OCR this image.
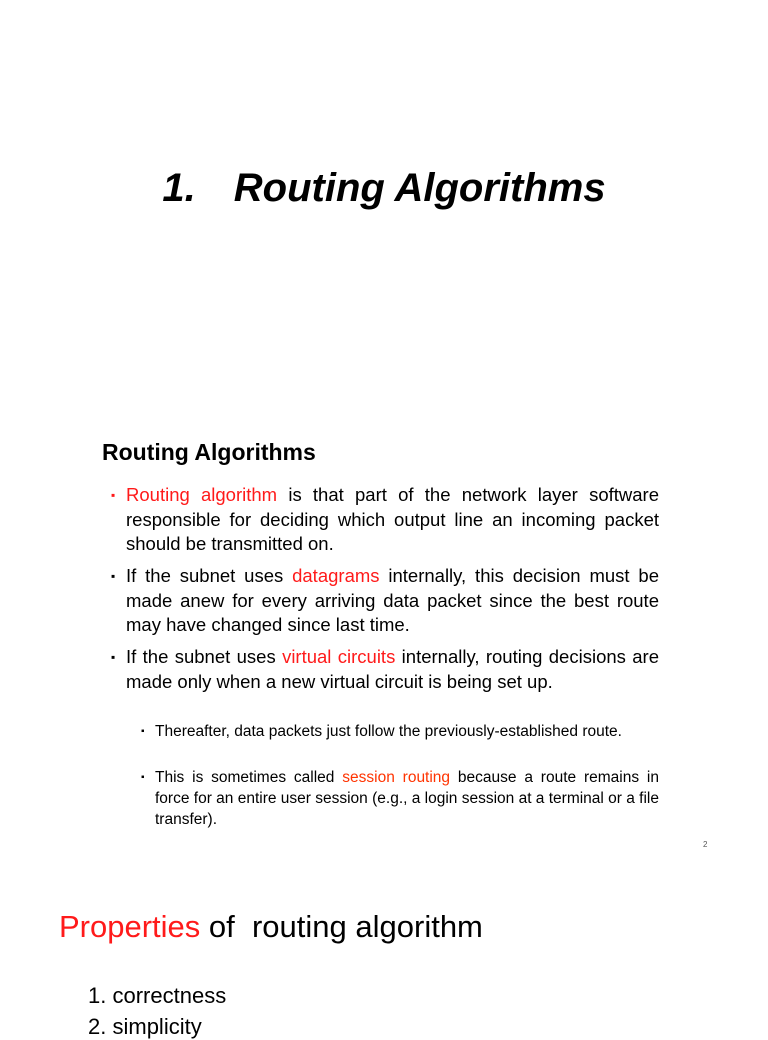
1. Routing Algorithms
Routing Algorithms
▪ Routing algorithm is that part of the network layer software responsible for deciding which output line an incoming packet should be transmitted on.
▪ If the subnet uses datagrams internally, this decision must be made anew for every arriving data packet since the best route may have changed since last time.
▪ If the subnet uses virtual circuits internally, routing decisions are made only when a new virtual circuit is being set up.
▪ Thereafter, data packets just follow the previously-established route.
▪ This is sometimes called session routing because a route remains in force for an entire user session (e.g., a login session at a terminal or a file transfer).
2
Properties of  routing algorithm
1. correctness
2. simplicity
